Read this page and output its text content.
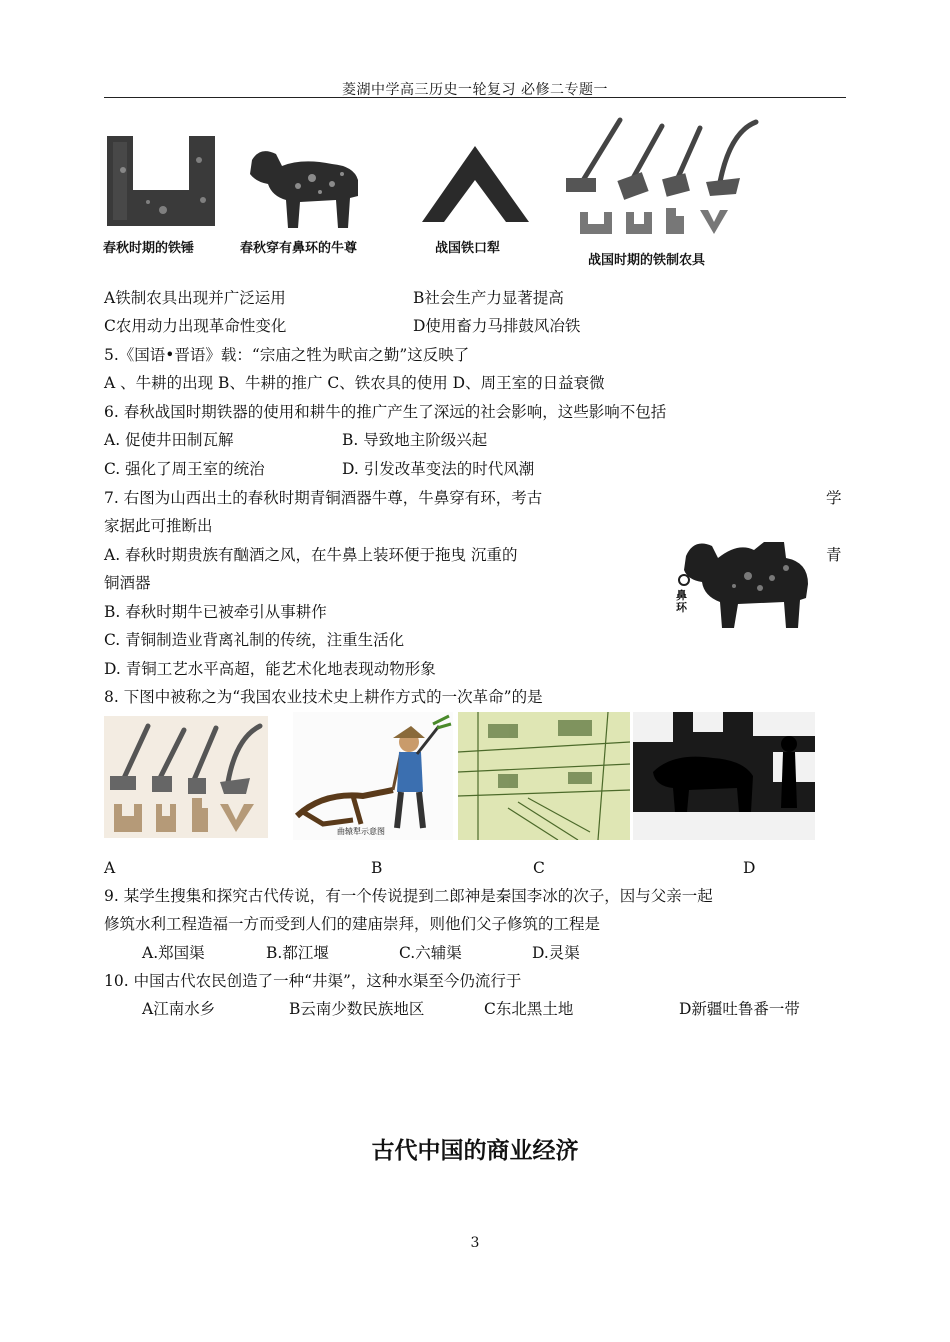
菱湖中学高三历史一轮复习 必修二专题一
春秋时期的铁锤	春秋穿有鼻环的牛尊	战国铁口犁
战国时期的铁制农具
A铁制农具出现并广泛运用	B社会生产力显著提高
C农用动力出现革命性变化	D使用畜力马排鼓风冶铁
5.《国语•晋语》载：“宗庙之牲为畎亩之勤”这反映了
A 、牛耕的出现 B、牛耕的推广 C、铁农具的使用 D、周王室的日益衰微
6. 春秋战国时期铁器的使用和耕牛的推广产生了深远的社会影响，这些影响不包括
A. 促使井田制瓦解	B. 导致地主阶级兴起
C. 强化了周王室的统治	D. 引发改革变法的时代风潮
7. 右图为山西出土的春秋时期青铜酒器牛尊，牛鼻穿有环，考古	学
家据此可推断出
A. 春秋时期贵族有酗酒之风，在牛鼻上装环便于拖曳 沉重的	青
铜酒器
B. 春秋时期牛已被牵引从事耕作
C. 青铜制造业背离礼制的传统，注重生活化
D. 青铜工艺水平高超，能艺术化地表现动物形象
鼻环
8. 下图中被称之为“我国农业技术史上耕作方式的一次革命”的是
曲辕犁示意图
A	B	C	D
9. 某学生搜集和探究古代传说，有一个传说提到二郎神是秦国李冰的次子，因与父亲一起
修筑水利工程造福一方而受到人们的建庙崇拜，则他们父子修筑的工程是
A.郑国渠	B.都江堰	C.六辅渠	D.灵渠
10. 中国古代农民创造了一种“井渠”，这种水渠至今仍流行于
A江南水乡	B云南少数民族地区	C东北黑土地	D新疆吐鲁番一带
古代中国的商业经济
3
